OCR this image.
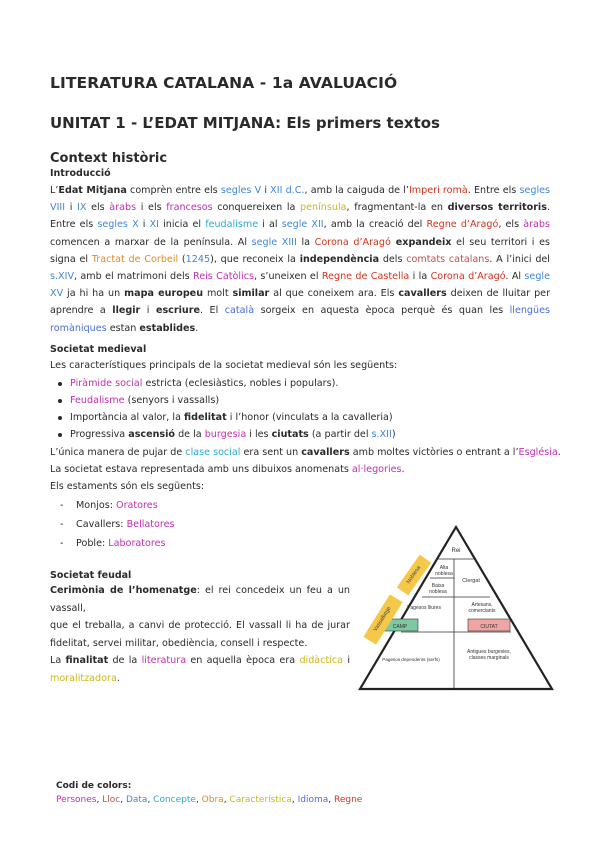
LITERATURA CATALANA - 1a AVALUACIÓ
UNITAT 1 - L’EDAT MITJANA: Els primers textos
Context històric
Introducció
L’Edat Mitjana comprèn entre els segles V i XII d.C., amb la caiguda de l’Imperi romà. Entre els segles VIII i IX els àrabs i els francesos conquereixen la península, fragmentant-la en diversos territoris. Entre els segles X i XI inicia el feudalisme i al segle XII, amb la creació del Regne d’Aragó, els àrabs comencen a marxar de la península. Al segle XIII la Corona d’Aragó expandeix el seu territori i es signa el Tractat de Corbeil (1245), que reconeix la independència dels comtats catalans. A l’inici del s.XIV, amb el matrimoni dels Reis Catòlics, s’uneixen el Regne de Castella i la Corona d’Aragó. Al segle XV ja hi ha un mapa europeu molt similar al que coneixem ara. Els cavallers deixen de lluitar per aprendre a llegir i escriure. El català sorgeix en aquesta època perquè és quan les llengües romàniques estan establides.
Societat medieval
Les característiques principals de la societat medieval són les següents:
Piràmide social estricta (eclesiàstics, nobles i populars).
Feudalisme (senyors i vassalls)
Importància al valor, la fidelitat i l’honor (vinculats a la cavalleria)
Progressiva ascensió de la burgesia i les ciutats (a partir del s.XII)
L’única manera de pujar de clase social era sent un cavallers amb moltes victòries o entrant a l’Església.
La societat estava representada amb uns dibuixos anomenats al·legories.
Els estaments són els següents:
- Monjos: Oratores
- Cavallers: Bellatores
- Poble: Laboratores
Societat feudal
Cerimònia de l’homenatge: el rei concedeix un feu a un vassall,
que el treballa, a canvi de protecció. El vassall li ha de jurar
fidelitat, servei militar, obediència, consell i respecte.
La finalitat de la literatura en aquella època era didàctica i
moralitzadora.
Rei
Alta
noblesa
Clergat
Baixa
noblesa
Pagesos lliures	Artesans,
comerciants
CAMP	CIUTAT
Antigues burgesies,
classes marginals
Pagesos dependents (serfs)
Noblesa
Vassallatge
Codi de colors:
Persones, Lloc, Data, Concepte, Obra, Característica, Idioma, Regne
